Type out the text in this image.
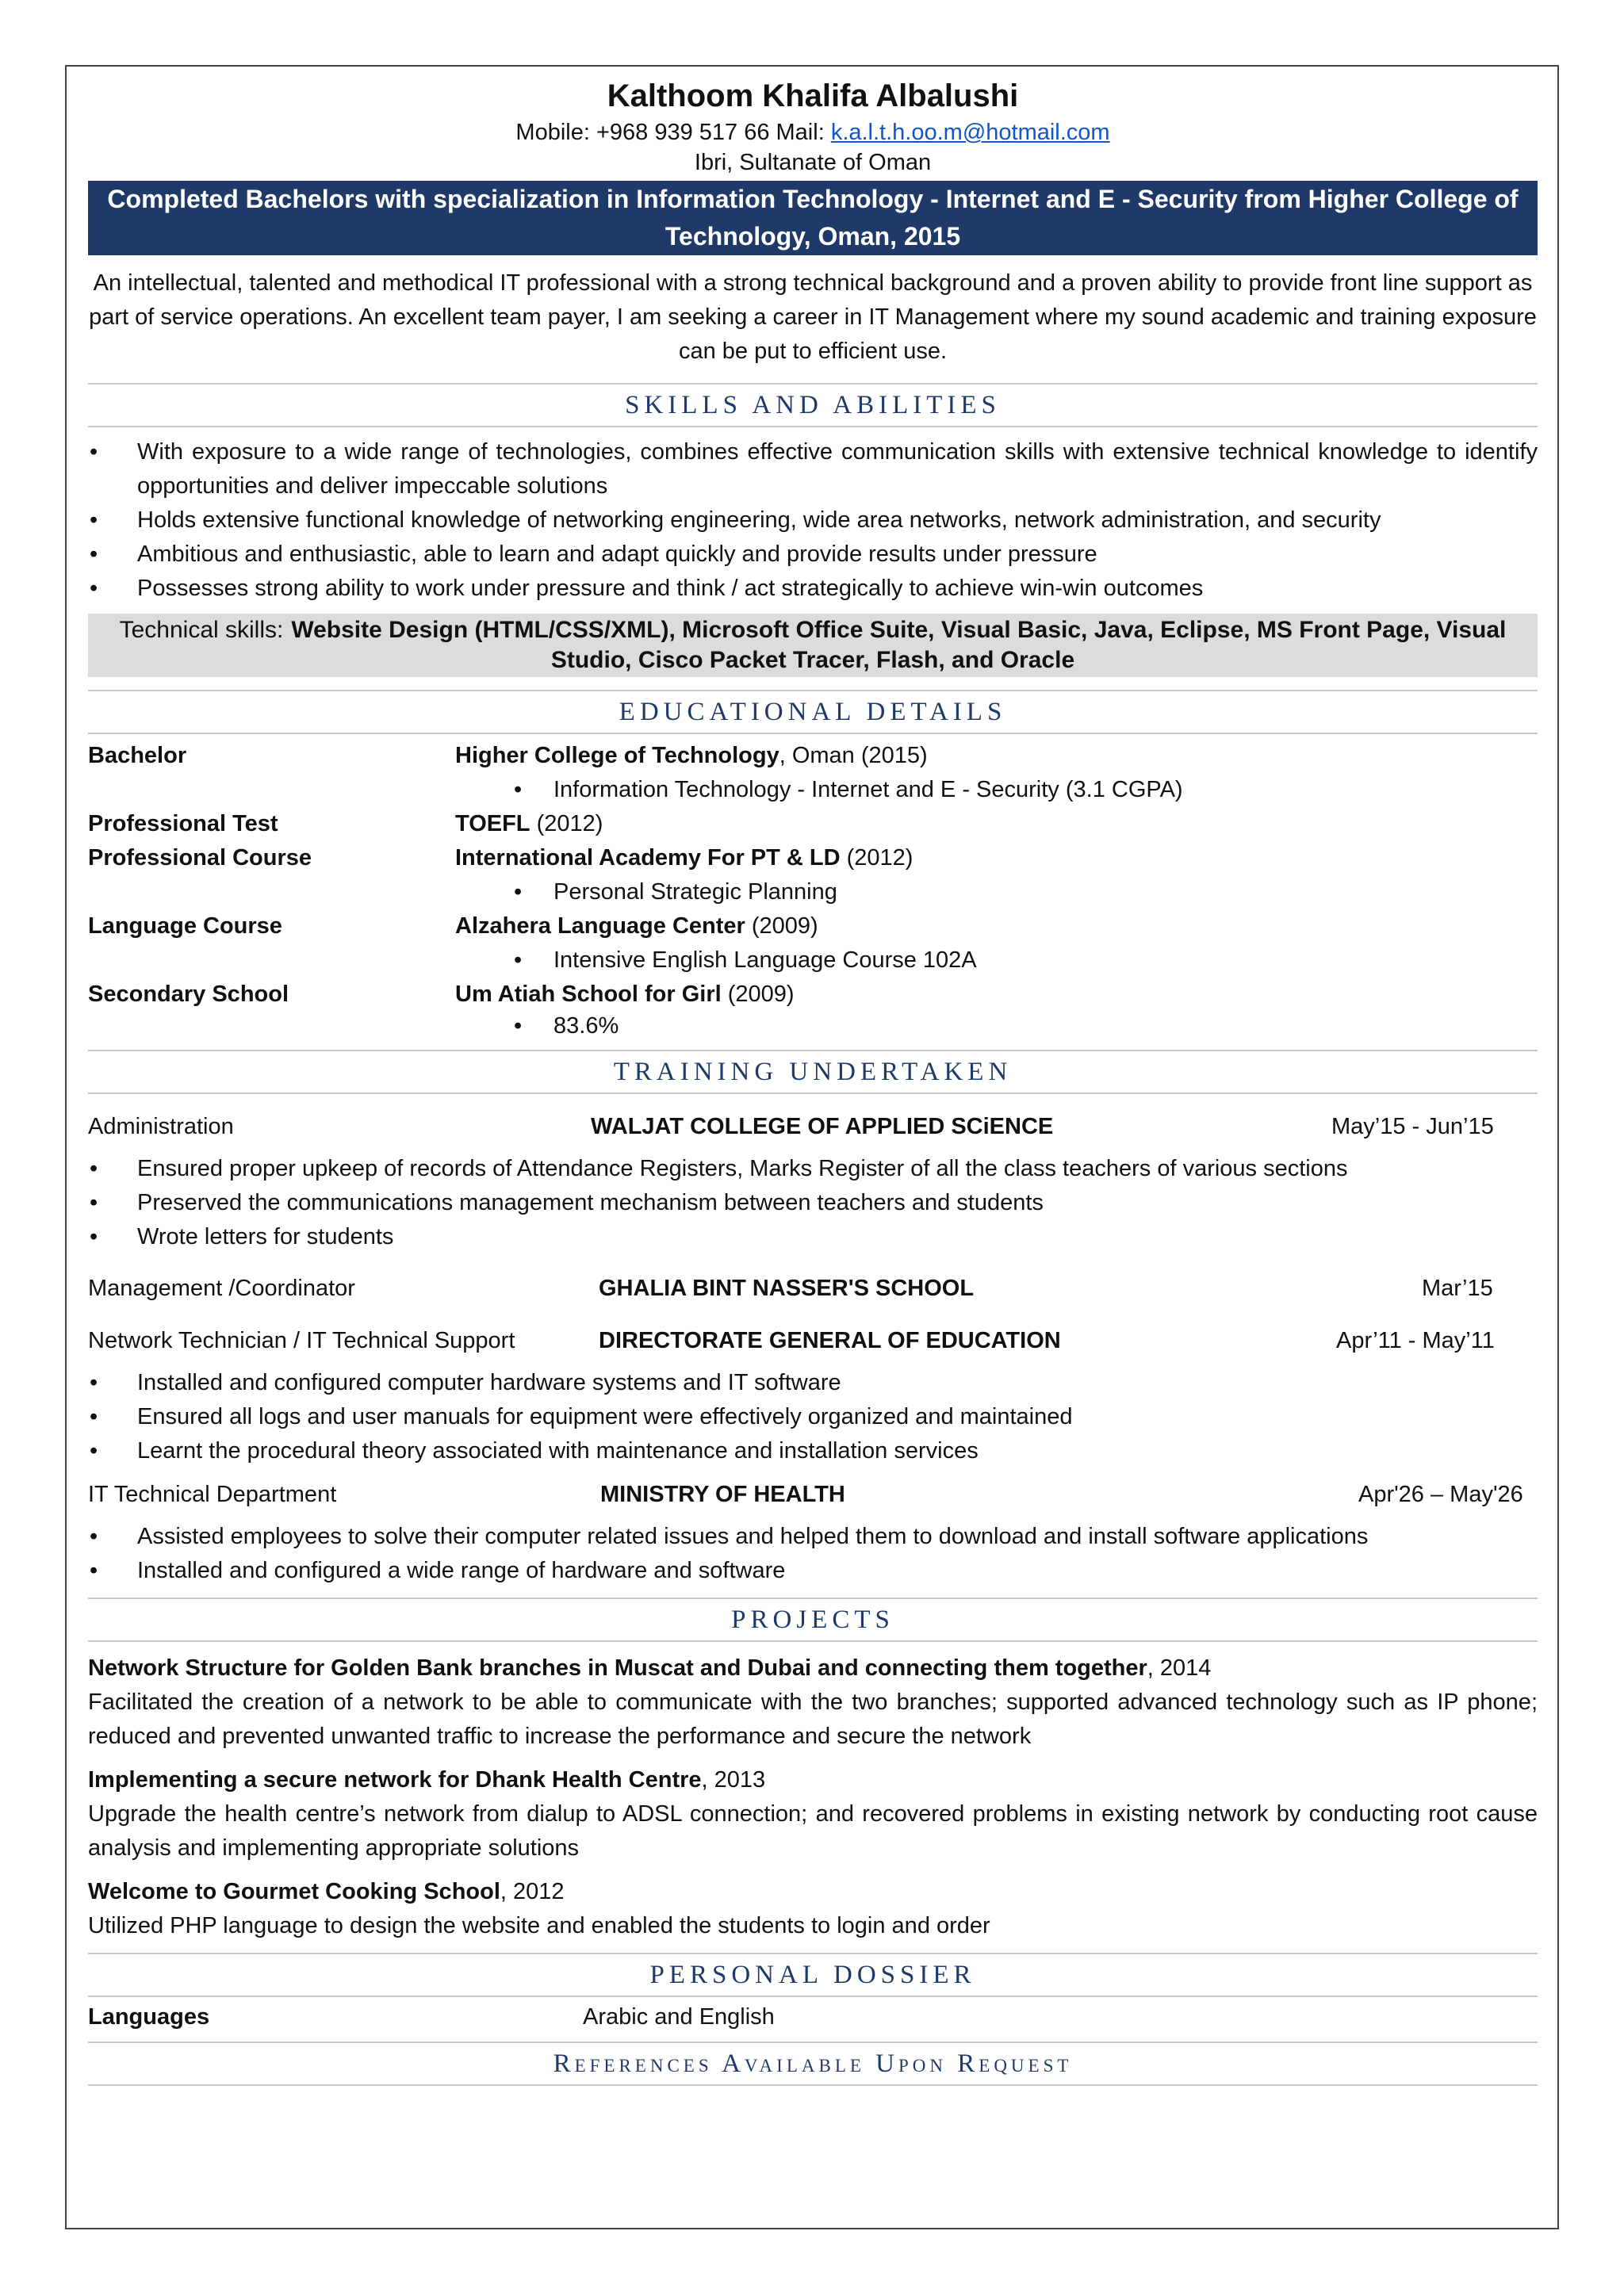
Kalthoom Khalifa Albalushi
Mobile: +968 939 517 66 Mail: k.a.l.t.h.oo.m@hotmail.com
Ibri, Sultanate of Oman
Completed Bachelors with specialization in Information Technology - Internet and E - Security from Higher College of Technology, Oman, 2015
An intellectual, talented and methodical IT professional with a strong technical background and a proven ability to provide front line support as part of service operations. An excellent team payer, I am seeking a career in IT Management where my sound academic and training exposure can be put to efficient use.
SKILLS AND ABILITIES
• With exposure to a wide range of technologies, combines effective communication skills with extensive technical knowledge to identify opportunities and deliver impeccable solutions
• Holds extensive functional knowledge of networking engineering, wide area networks, network administration, and security
• Ambitious and enthusiastic, able to learn and adapt quickly and provide results under pressure
• Possesses strong ability to work under pressure and think / act strategically to achieve win-win outcomes
Technical skills: Website Design (HTML/CSS/XML), Microsoft Office Suite, Visual Basic, Java, Eclipse, MS Front Page, Visual Studio, Cisco Packet Tracer, Flash, and Oracle
EDUCATIONAL DETAILS
Bachelor	Higher College of Technology, Oman (2015)
• Information Technology - Internet and E - Security (3.1 CGPA)

Professional Test	TOEFL (2012)
Professional Course	International Academy For PT & LD (2012)
• Personal Strategic Planning

Language Course	Alzahera Language Center (2009)
• Intensive English Language Course 102A

Secondary School	Um Atiah School for Girl (2009)
• 83.6%
TRAINING UNDERTAKEN
Administration	WALJAT COLLEGE OF APPLIED SCiENCE	May’15 - Jun’15
• Ensured proper upkeep of records of Attendance Registers, Marks Register of all the class teachers of various sections
• Preserved the communications management mechanism between teachers and students
• Wrote letters for students
Management /Coordinator	GHALIA BINT NASSER'S SCHOOL	Mar’15
Network Technician / IT Technical Support	DIRECTORATE GENERAL OF EDUCATION	Apr’11 - May’11
• Installed and configured computer hardware systems and IT software
• Ensured all logs and user manuals for equipment were effectively organized and maintained
• Learnt the procedural theory associated with maintenance and installation services
IT Technical Department	MINISTRY OF HEALTH	Apr'26 – May'26
• Assisted employees to solve their computer related issues and helped them to download and install software applications
• Installed and configured a wide range of hardware and software
PROJECTS
Network Structure for Golden Bank branches in Muscat and Dubai and connecting them together, 2014
Facilitated the creation of a network to be able to communicate with the two branches; supported advanced technology such as IP phone; reduced and prevented unwanted traffic to increase the performance and secure the network
Implementing a secure network for Dhank Health Centre, 2013
Upgrade the health centre’s network from dialup to ADSL connection; and recovered problems in existing network by conducting root cause analysis and implementing appropriate solutions
Welcome to Gourmet Cooking School, 2012
Utilized PHP language to design the website and enabled the students to login and order
PERSONAL DOSSIER
Languages	Arabic and English
References Available Upon Request
